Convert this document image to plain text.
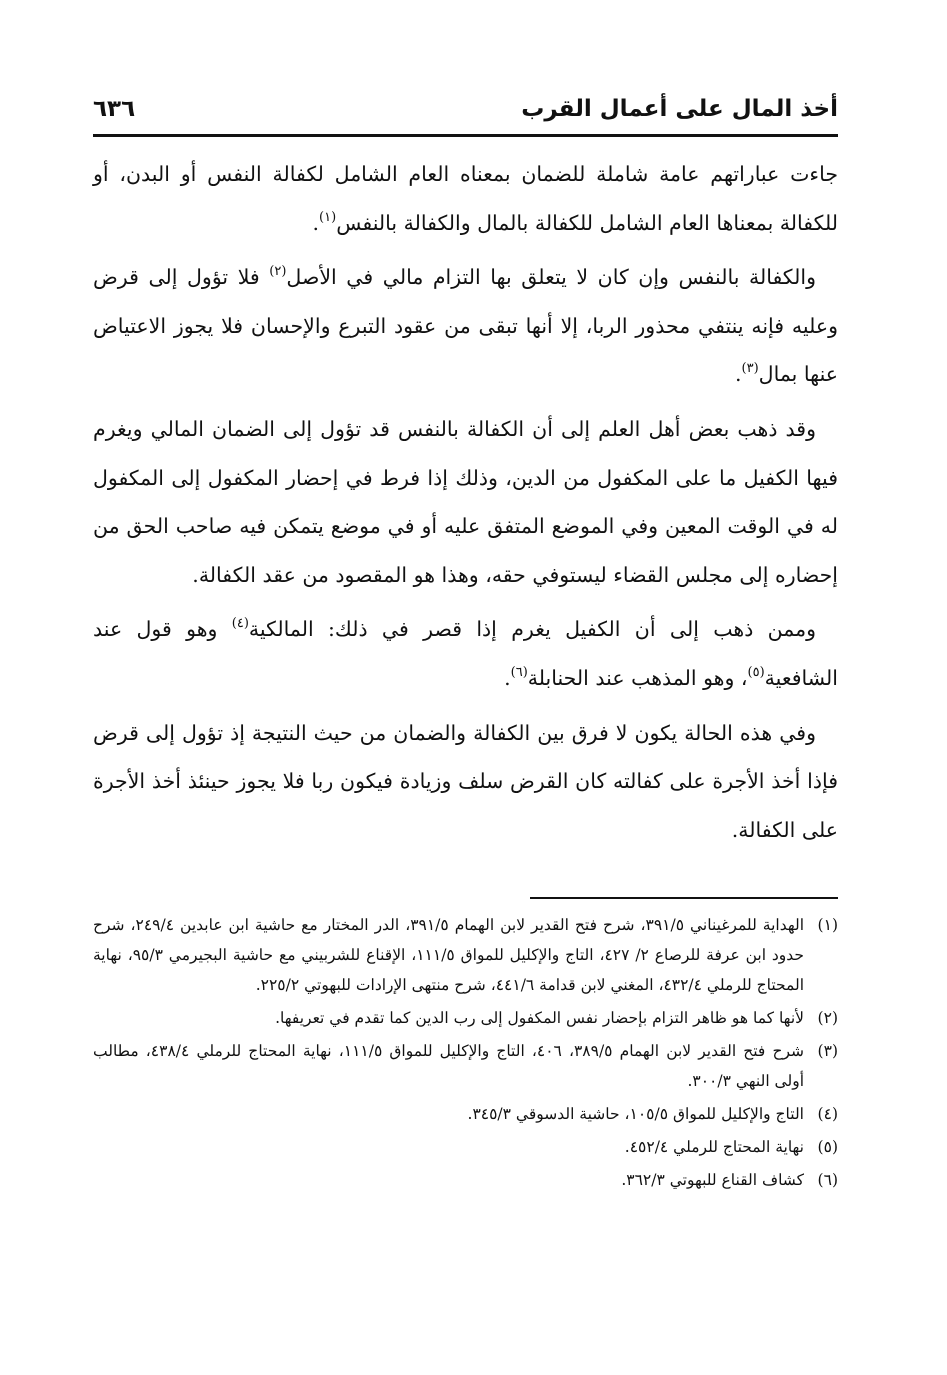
أخذ المال على أعمال القرب
٦٣٦

جاءت عباراتهم عامة شاملة للضمان بمعناه العام الشامل لكفالة النفس أو البدن، أو للكفالة بمعناها العام الشامل للكفالة بالمال والكفالة بالنفس$^{(١)}$.

والكفالة بالنفس وإن كان لا يتعلق بها التزام مالي في الأصل$^{(٢)}$ فلا تؤول إلى قرض وعليه فإنه ينتفي محذور الربا، إلا أنها تبقى من عقود التبرع والإحسان فلا يجوز الاعتياض عنها بمال$^{(٣)}$.

وقد ذهب بعض أهل العلم إلى أن الكفالة بالنفس قد تؤول إلى الضمان المالي ويغرم فيها الكفيل ما على المكفول من الدين، وذلك إذا فرط في إحضار المكفول إلى المكفول له في الوقت المعين وفي الموضع المتفق عليه أو في موضع يتمكن فيه صاحب الحق من إحضاره إلى مجلس القضاء ليستوفي حقه، وهذا هو المقصود من عقد الكفالة.

وممن ذهب إلى أن الكفيل يغرم إذا قصر في ذلك: المالكية$^{(٤)}$ وهو قول عند الشافعية$^{(٥)}$، وهو المذهب عند الحنابلة$^{(٦)}$.

وفي هذه الحالة يكون لا فرق بين الكفالة والضمان من حيث النتيجة إذ تؤول إلى قرض فإذا أخذ الأجرة على كفالته كان القرض سلف وزيادة فيكون ربا فلا يجوز حينئذ أخذ الأجرة على الكفالة.

(١)
الهداية للمرغيناني ٣٩١/٥، شرح فتح القدير لابن الهمام ٣٩١/٥، الدر المختار مع حاشية ابن عابدين ٢٤٩/٤، شرح حدود ابن عرفة للرصاع ٢/ ٤٢٧، التاج والإكليل للمواق ١١١/٥، الإقناع للشربيني مع حاشية البجيرمي ٩٥/٣، نهاية المحتاج للرملي ٤٣٢/٤، المغني لابن قدامة ٤٤١/٦، شرح منتهى الإرادات للبهوتي ٢٢٥/٢.
(٢)
لأنها كما هو ظاهر التزام بإحضار نفس المكفول إلى رب الدين كما تقدم في تعريفها.
(٣)
شرح فتح القدير لابن الهمام ٣٨٩/٥، ٤٠٦، التاج والإكليل للمواق ١١١/٥، نهاية المحتاج للرملي ٤٣٨/٤، مطالب أولى النهي ٣٠٠/٣.
(٤)
التاج والإكليل للمواق ١٠٥/٥، حاشية الدسوقي ٣٤٥/٣.
(٥)
نهاية المحتاج للرملي ٤٥٢/٤.
(٦)
كشاف القناع للبهوتي ٣٦٢/٣.
